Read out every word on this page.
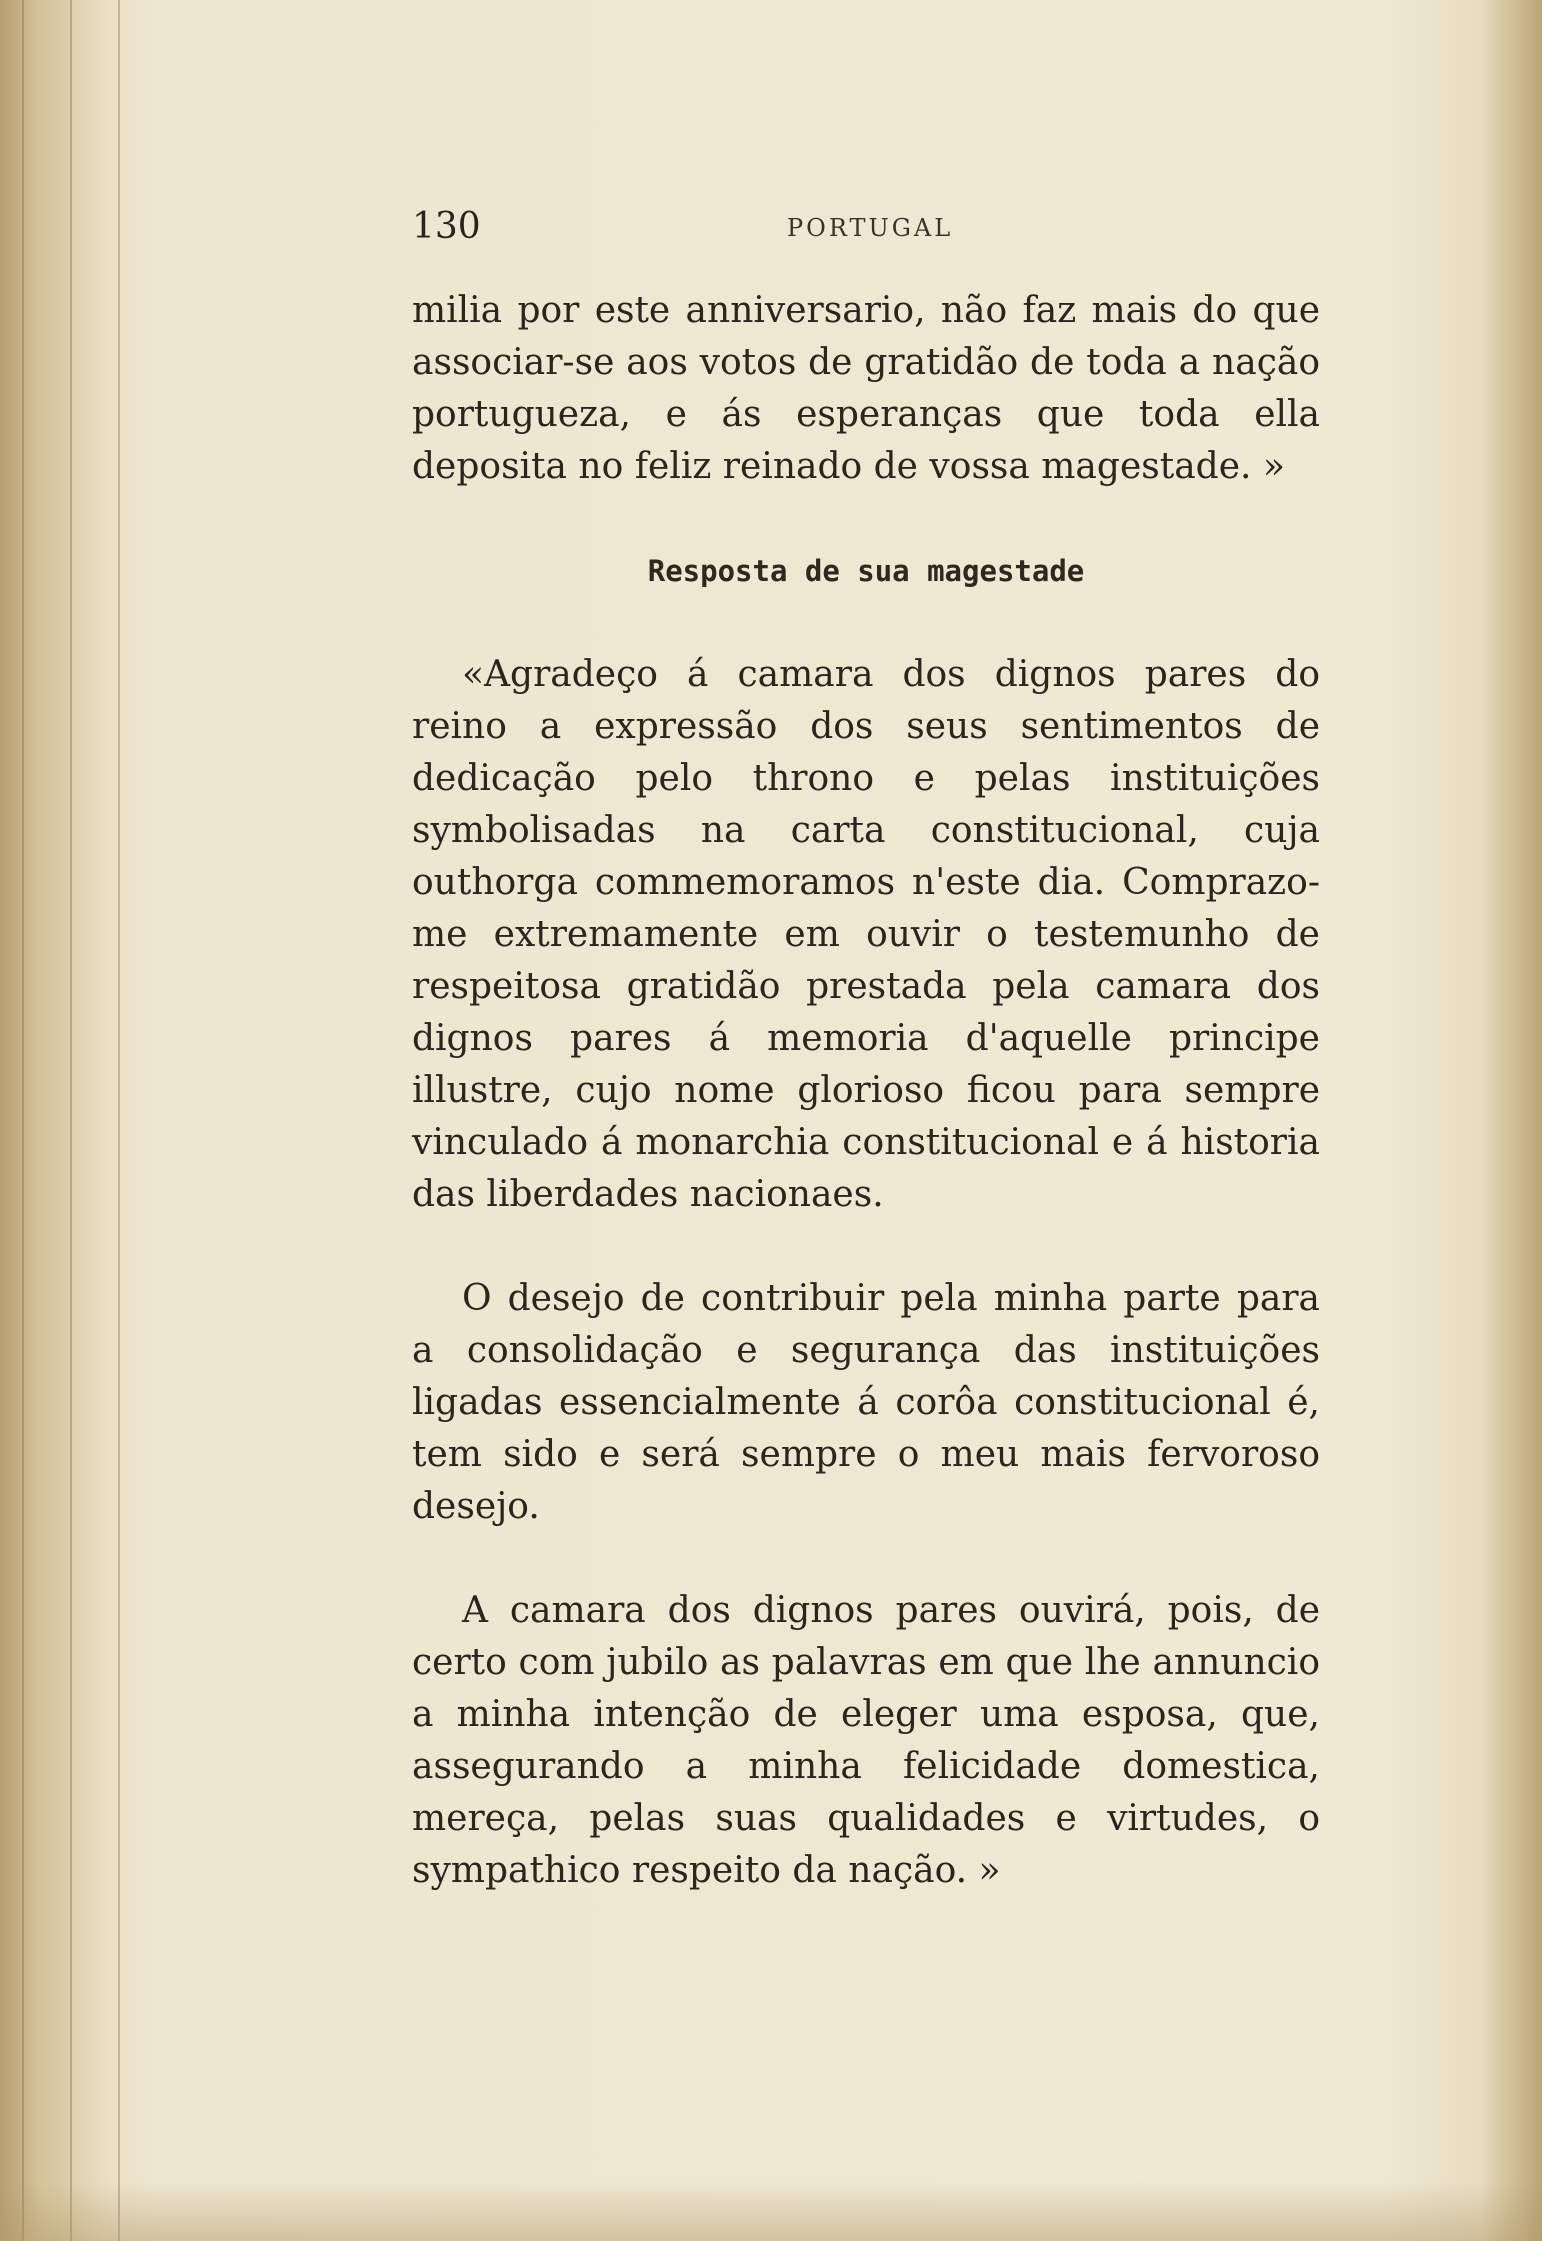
130	PORTUGAL

milia por este anniversario, não faz mais do que associar-se aos votos de gratidão de toda a nação portugueza, e ás esperanças que toda ella deposita no feliz reinado de vossa magestade. »

Resposta de sua magestade

«Agradeço á camara dos dignos pares do reino a expressão dos seus sentimentos de dedicação pelo throno e pelas instituições symbolisadas na carta constitucional, cuja outhorga commemoramos n'este dia. Comprazo-me extremamente em ouvir o testemunho de respeitosa gratidão prestada pela camara dos dignos pares á memoria d'aquelle principe illustre, cujo nome glorioso ficou para sempre vinculado á monarchia constitucional e á historia das liberdades nacionaes.

O desejo de contribuir pela minha parte para a consolidação e segurança das instituições ligadas essencialmente á corôa constitucional é, tem sido e será sempre o meu mais fervoroso desejo.

A camara dos dignos pares ouvirá, pois, de certo com jubilo as palavras em que lhe annuncio a minha intenção de eleger uma esposa, que, assegurando a minha felicidade domestica, mereça, pelas suas qualidades e virtudes, o sympathico respeito da nação. »
